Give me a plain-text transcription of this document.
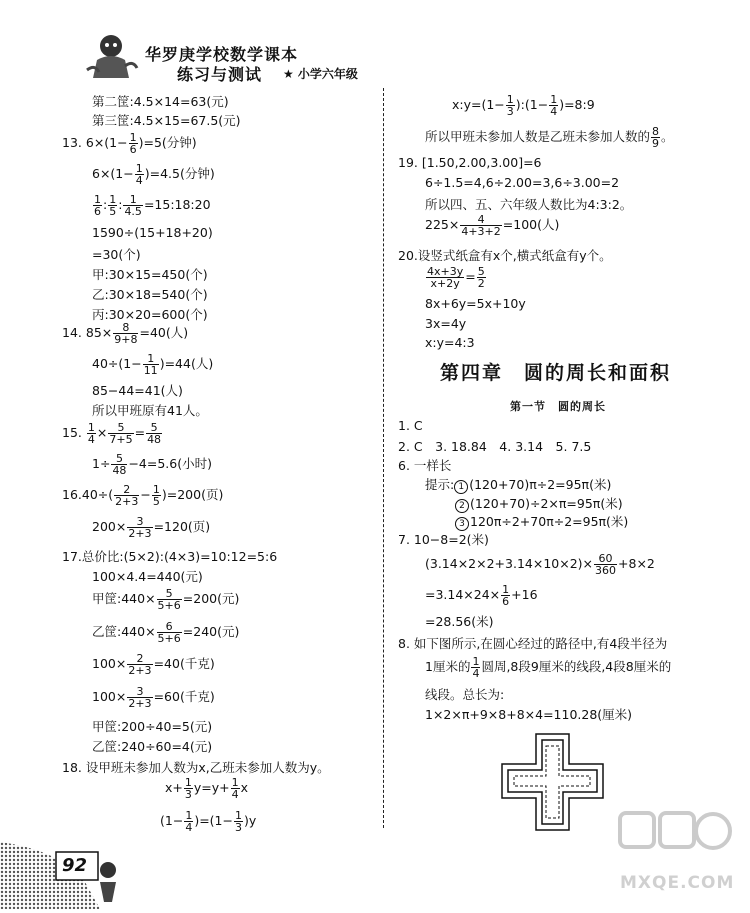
华罗庚学校数学课本
练习与测试 ★ 小学六年级
第二筐:4.5×14=63(元)
第三筐:4.5×15=67.5(元)
13. $6\times(1- \frac{1}{6} )=5$(分钟)
$6\times(1- \frac{1}{4} )=4.5$(分钟)
$\frac{1}{6}$ : $\frac{1}{5}$ : $\frac{1}{4.5}$ =15:18:20
1590÷(15+18+20)
=30(个)
甲:30×15=450(个)
乙:30×18=540(个)
丙:30×20=600(个)
14. $85\times \frac{8}{9+8} =40$(人)
$40\div(1- \frac{1}{11} )=44$(人)
85−44=41(人)
所以甲班原有41人。
15. $\frac{1}{4} \times \frac{5}{7+5} = \frac{5}{48}$
$1\div \frac{5}{48} -4=5.6$(小时)
$16.40\div( \frac{2}{2+3} - \frac{1}{5} )=200$(页)
$200\times \frac{3}{2+3} =120$(页)
17.总价比:(5×2):(4×3)=10:12=5:6
100×4.4=440(元)
甲筐:440× $\frac{5}{5+6} =200$(元)
乙筐:440× $\frac{6}{5+6} =240$(元)
$100\times \frac{2}{2+3} =40$(千克)
$100\times \frac{3}{2+3} =60$(千克)
甲筐:200÷40=5(元)
乙筐:240÷60=4(元)
18. 设甲班未参加人数为x,乙班未参加人数为y。
$x+ \frac{1}{3} y=y+ \frac{1}{4}$ x
$(1- \frac{1}{4} )=(1- \frac{1}{3} )y$
x:y=(1− $\frac{1}{3}$ ):(1− $\frac{1}{4}$ )=8:9
所以甲班未参加人数是乙班未参加人数的 $\frac{8}{9}$ 。
19. [1.50,2.00,3.00]=6
6÷1.5=4,6÷2.00=3,6÷3.00=2
所以四、五、六年级人数比为4:3:2。
$225\times \frac{4}{4+3+2} =100$(人)
20.设竖式纸盒有x个,横式纸盒有y个。
$\frac{4x+3y}{x+2y} = \frac{5}{2}$
8x+6y=5x+10y
3x=4y
x:y=4:3
第四章　圆的周长和面积
第一节　圆的周长
1. C
2. C　3. 18.84　4. 3.14　5. 7.5
6. 一样长
提示: 1 (120+70)π÷2=95π(米)
2 (120+70)÷2×π=95π(米)
3 120π÷2+70π÷2=95π(米)
7. 10−8=2(米)
$(3.14\times 2\times 2+3.14\times 10\times 2)\times \frac{60}{360} +8\times 2$
$=3.14\times 24\times \frac{1}{6} +16$
=28.56(米)
8. 如下图所示,在圆心经过的路径中,有4段半径为
1厘米的 $\frac{1}{4}$ 圆周,8段9厘米的线段,4段8厘米的
线段。总长为:
1×2×π+9×8+8×4=110.28(厘米)
92
MXQE.COM
